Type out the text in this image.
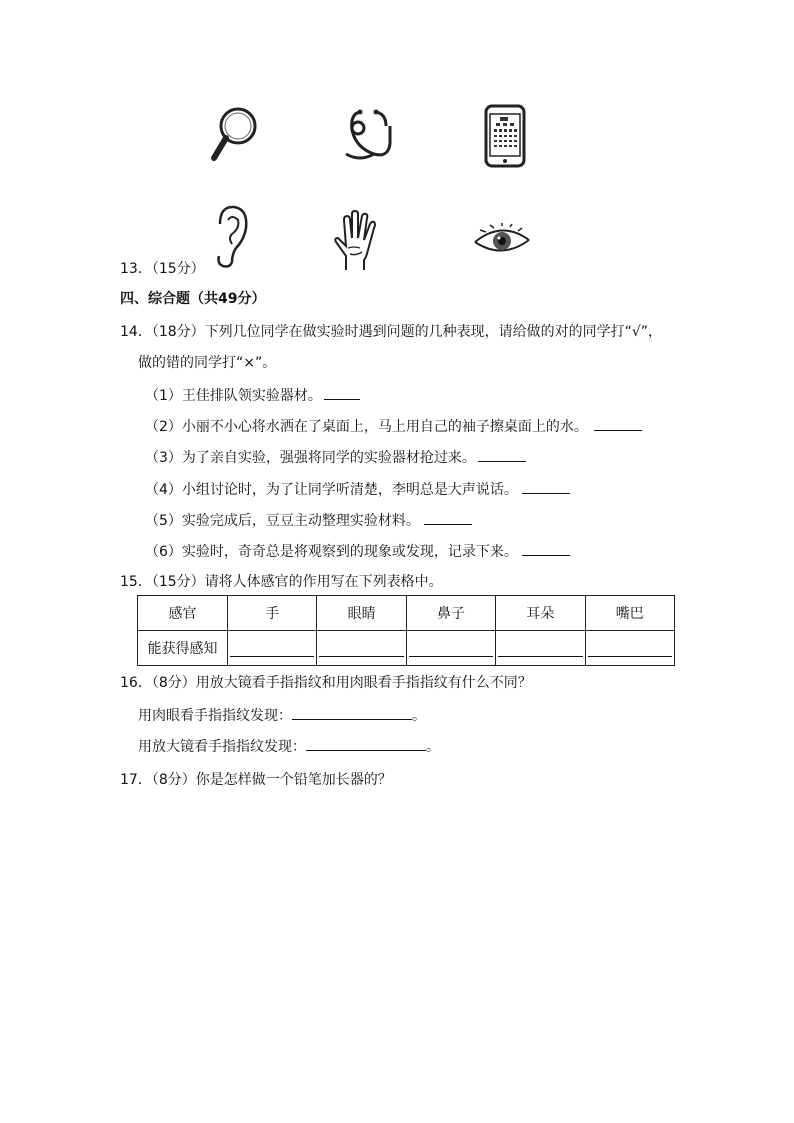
13．（15分）
四、综合题（共49分）
14．（18分）下列几位同学在做实验时遇到问题的几种表现，请给做的对的同学打“√”，
做的错的同学打“×”。
（1）王佳排队领实验器材。
（2）小丽不小心将水洒在了桌面上，马上用自己的袖子擦桌面上的水。
（3）为了亲自实验，强强将同学的实验器材抢过来。
（4）小组讨论时，为了让同学听清楚，李明总是大声说话。
（5）实验完成后，豆豆主动整理实验材料。
（6）实验时，奇奇总是将观察到的现象或发现，记录下来。
15．（15分）请将人体感官的作用写在下列表格中。
感官	手	眼睛	鼻子	耳朵	嘴巴
能获得感知	

16．（8分）用放大镜看手指指纹和用肉眼看手指指纹有什么不同？
用肉眼看手指指纹发现：	。
用放大镜看手指指纹发现：	。
17．（8分）你是怎样做一个铅笔加长器的？
